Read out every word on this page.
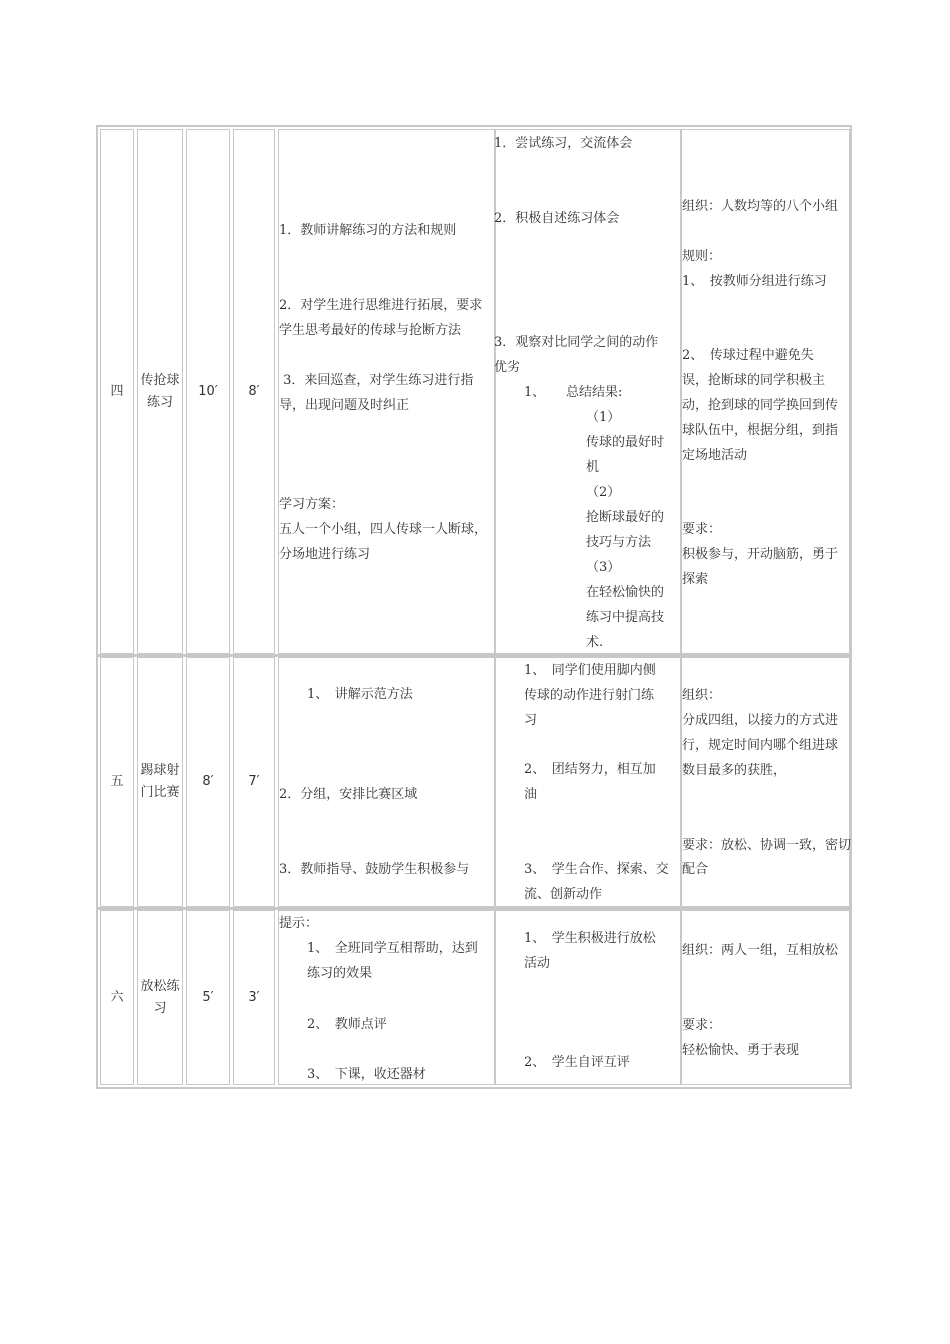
四
传抢球练习
10′ 8′
1．教师讲解练习的方法和规则
2．对学生进行思维进行拓展，要求
学生思考最好的传球与抢断方法
3．来回巡查，对学生练习进行指
导，出现问题及时纠正
学习方案：
五人一个小组，四人传球一人断球，
分场地进行练习
1．尝试练习，交流体会
2．积极自述练习体会
3．观察对比同学之间的动作
优劣
1、 总结结果:
（1）
传球的最好时
机
（2）
抢断球最好的
技巧与方法
（3）
在轻松愉快的
练习中提高技
术.
组织：人数均等的八个小组
规则：
1、　按教师分组进行练习
2、　传球过程中避免失
误，抢断球的同学积极主
动，抢到球的同学换回到传
球队伍中，根据分组，到指
定场地活动
要求：
积极参与，开动脑筋，勇于
探索
五
踢球射门比赛
8′	7′
1、　讲解示范方法
2．分组，安排比赛区域
3．教师指导、鼓励学生积极参与
1、　同学们使用脚内侧
传球的动作进行射门练
习
2、　团结努力，相互加
油
3、　学生合作、探索、交
流、创新动作
组织：
分成四组，以接力的方式进
行，规定时间内哪个组进球
数目最多的获胜，
要求：放松、协调一致，密切
配合
六
放松练习
5′	3′
提示：
1、　全班同学互相帮助，达到
练习的效果
2、　教师点评
3、　下课，收还器材
1、　学生积极进行放松
活动
2、　学生自评互评
组织：两人一组，互相放松
要求：
轻松愉快、勇于表现
